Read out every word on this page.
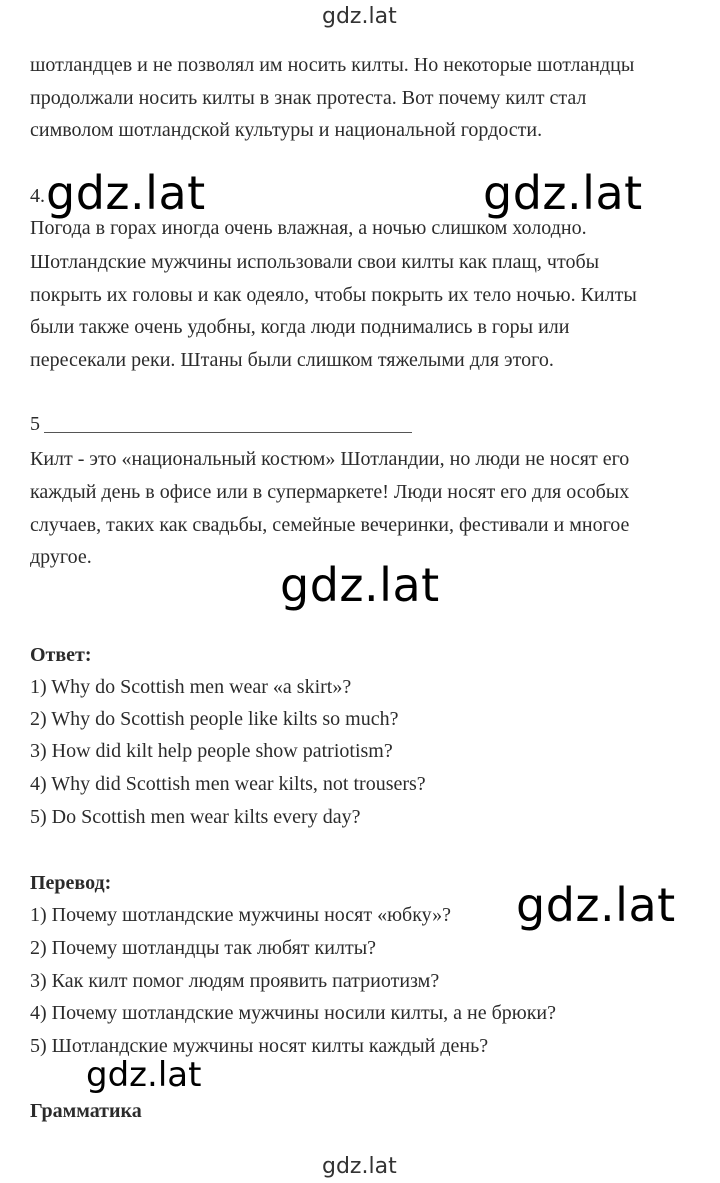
gdz.lat
gdz.lat
шотландцев и не позволял им носить килты. Но некоторые шотландцы
продолжали носить килты в знак протеста. Вот почему килт стал
символом шотландской культуры и национальной гордости.
4.
Погода в горах иногда очень влажная, а ночью слишком холодно.
Шотландские мужчины использовали свои килты как плащ, чтобы
покрыть их головы и как одеяло, чтобы покрыть их тело ночью. Килты
были также очень удобны, когда люди поднимались в горы или
пересекали реки. Штаны были слишком тяжелыми для этого.
5
Килт - это «национальный костюм» Шотландии, но люди не носят его
каждый день в офисе или в супермаркете! Люди носят его для особых
случаев, таких как свадьбы, семейные вечеринки, фестивали и многое
другое.
Ответ:
1) Why do Scottish men wear «a skirt»?
2) Why do Scottish people like kilts so much?
3) How did kilt help people show patriotism?
4) Why did Scottish men wear kilts, not trousers?
5) Do Scottish men wear kilts every day?
Перевод:
1) Почему шотландские мужчины носят «юбку»?
2) Почему шотландцы так любят килты?
3) Как килт помог людям проявить патриотизм?
4) Почему шотландские мужчины носили килты, а не брюки?
5) Шотландские мужчины носят килты каждый день?
Грамматика
gdz.lat	gdz.lat
gdz.lat
gdz.lat
gdz.lat
